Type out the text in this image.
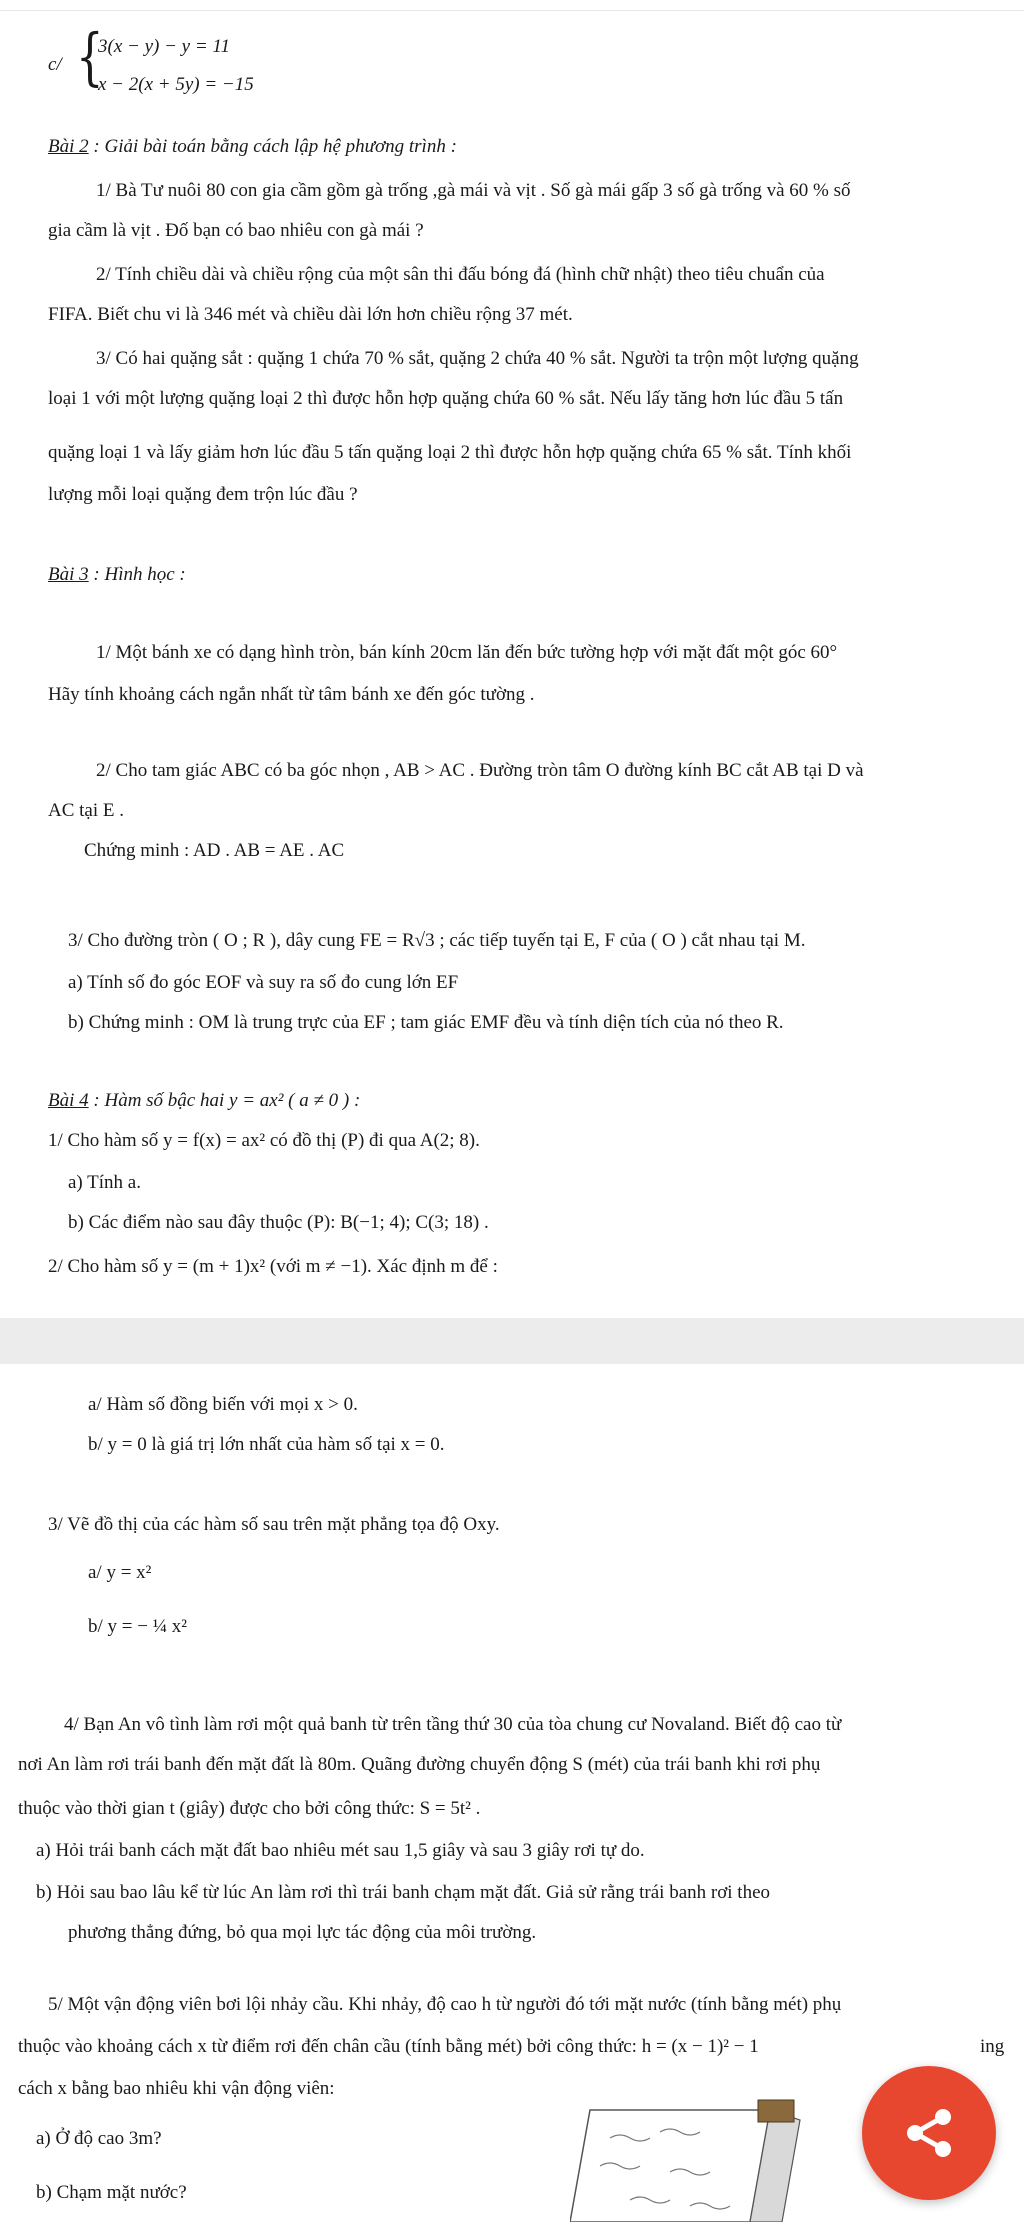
c/ {
3(x − y) − y = 11
x − 2(x + 5y) = −15
Bài 2 : Giải bài toán bằng cách lập hệ phương trình :
1/ Bà Tư nuôi 80 con gia cầm gồm gà trống ,gà mái và vịt . Số gà mái gấp 3 số gà trống và 60 % số
gia cầm là vịt . Đố bạn có bao nhiêu con gà mái ?
2/ Tính chiều dài và chiều rộng của một sân thi đấu bóng đá (hình chữ nhật) theo tiêu chuẩn của
FIFA. Biết chu vi là 346 mét và chiều dài lớn hơn chiều rộng 37 mét.
3/ Có hai quặng sắt : quặng 1 chứa 70 % sắt, quặng 2 chứa 40 % sắt. Người ta trộn một lượng quặng
loại 1 với một lượng quặng loại 2 thì được hỗn hợp quặng chứa 60 % sắt. Nếu lấy tăng hơn lúc đầu 5 tấn
quặng loại 1 và lấy giảm hơn lúc đầu 5 tấn quặng loại 2 thì được hỗn hợp quặng chứa 65 % sắt. Tính khối
lượng mỗi loại quặng đem trộn lúc đầu ?
Bài 3 : Hình học :
1/ Một bánh xe có dạng hình tròn, bán kính 20cm lăn đến bức tường hợp với mặt đất một góc 60°
Hãy tính khoảng cách ngắn nhất từ tâm bánh xe đến góc tường .
2/ Cho tam giác ABC có ba góc nhọn , AB > AC . Đường tròn tâm O đường kính BC cắt AB tại D và
AC tại E .
Chứng minh : AD . AB = AE . AC
3/ Cho đường tròn ( O ; R ), dây cung FE = R√3 ; các tiếp tuyến tại E, F của ( O ) cắt nhau tại M.
a) Tính số đo góc EOF và suy ra số đo cung lớn EF
b) Chứng minh : OM là trung trực của EF ; tam giác EMF đều và tính diện tích của nó theo R.
Bài 4 : Hàm số bậc hai y = ax² ( a ≠ 0 ) :
1/ Cho hàm số y = f(x) = ax² có đồ thị (P) đi qua A(2; 8).
a) Tính a.
b) Các điểm nào sau đây thuộc (P): B(−1; 4); C(3; 18) .
2/ Cho hàm số y = (m + 1)x² (với m ≠ −1). Xác định m để :
a/ Hàm số đồng biến với mọi x > 0.
b/ y = 0 là giá trị lớn nhất của hàm số tại x = 0.
3/ Vẽ đồ thị của các hàm số sau trên mặt phẳng tọa độ Oxy.
a/ y = x²
b/ y = − ¼ x²
4/ Bạn An vô tình làm rơi một quả banh từ trên tầng thứ 30 của tòa chung cư Novaland. Biết độ cao từ
nơi An làm rơi trái banh đến mặt đất là 80m. Quãng đường chuyển động S (mét) của trái banh khi rơi phụ
thuộc vào thời gian t (giây) được cho bởi công thức: S = 5t² .
a) Hỏi trái banh cách mặt đất bao nhiêu mét sau 1,5 giây và sau 3 giây rơi tự do.
b) Hỏi sau bao lâu kể từ lúc An làm rơi thì trái banh chạm mặt đất. Giả sử rằng trái banh rơi theo
phương thẳng đứng, bỏ qua mọi lực tác động của môi trường.
5/ Một vận động viên bơi lội nhảy cầu. Khi nhảy, độ cao h từ người đó tới mặt nước (tính bằng mét) phụ
thuộc vào khoảng cách x từ điểm rơi đến chân cầu (tính bằng mét) bởi công thức: h = (x − 1)² − 1	ing
cách x bằng bao nhiêu khi vận động viên:
a) Ở độ cao 3m?
b) Chạm mặt nước?
